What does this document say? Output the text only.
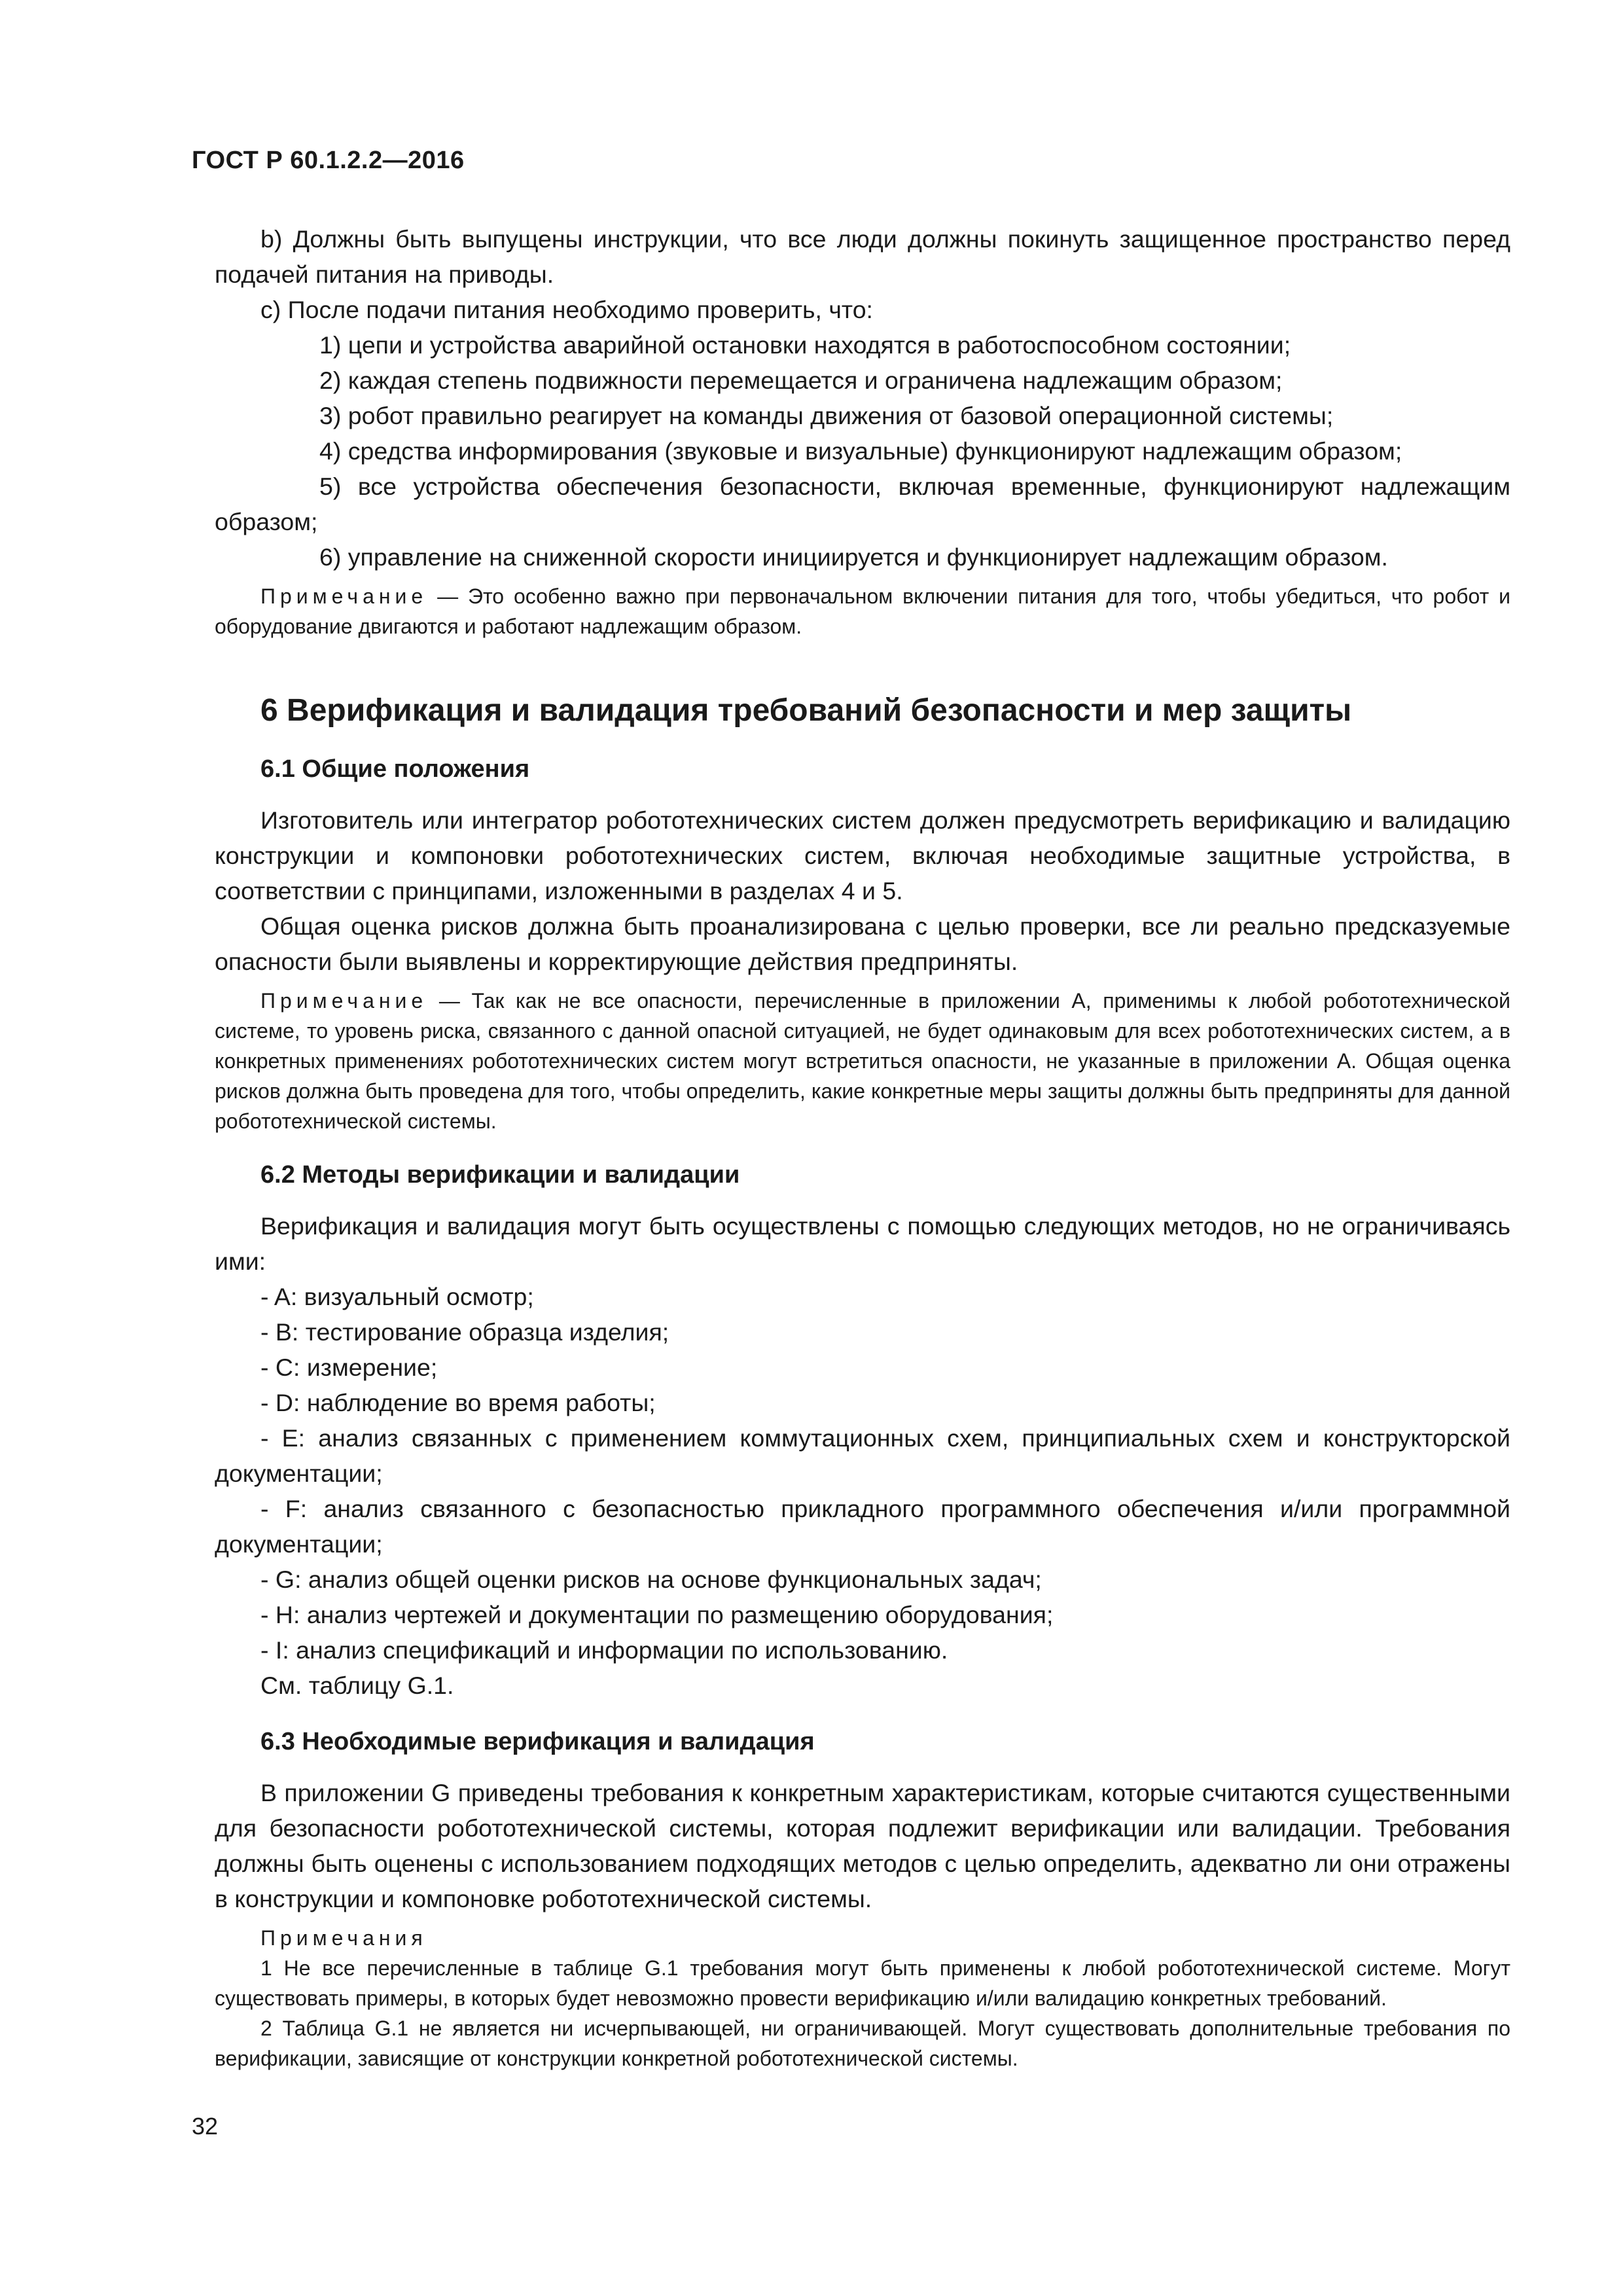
ГОСТ Р 60.1.2.2—2016

b) Должны быть выпущены инструкции, что все люди должны покинуть защищенное пространство перед подачей питания на приводы.

c) После подачи питания необходимо проверить, что:

1) цепи и устройства аварийной остановки находятся в работоспособном состоянии;

2) каждая степень подвижности перемещается и ограничена надлежащим образом;

3) робот правильно реагирует на команды движения от базовой операционной системы;

4) средства информирования (звуковые и визуальные) функционируют надлежащим образом;

5) все устройства обеспечения безопасности, включая временные, функционируют надлежащим образом;

6) управление на сниженной скорости инициируется и функционирует надлежащим образом.

Примечание — Это особенно важно при первоначальном включении питания для того, чтобы убедиться, что робот и оборудование двигаются и работают надлежащим образом.
6 Верификация и валидация требований безопасности и мер защиты
6.1 Общие положения

Изготовитель или интегратор робототехнических систем должен предусмотреть верификацию и валидацию конструкции и компоновки робототехнических систем, включая необходимые защитные устройства, в соответствии с принципами, изложенными в разделах 4 и 5.

Общая оценка рисков должна быть проанализирована с целью проверки, все ли реально предсказуемые опасности были выявлены и корректирующие действия предприняты.

Примечание — Так как не все опасности, перечисленные в приложении А, применимы к любой робототехнической системе, то уровень риска, связанного с данной опасной ситуацией, не будет одинаковым для всех робототехнических систем, а в конкретных применениях робототехнических систем могут встретиться опасности, не указанные в приложении А. Общая оценка рисков должна быть проведена для того, чтобы определить, какие конкретные меры защиты должны быть предприняты для данной робототехнической системы.
6.2 Методы верификации и валидации

Верификация и валидация могут быть осуществлены с помощью следующих методов, но не ограничиваясь ими:

- A: визуальный осмотр;

- B: тестирование образца изделия;

- C: измерение;

- D: наблюдение во время работы;

- E: анализ связанных с применением коммутационных схем, принципиальных схем и конструкторской документации;

- F: анализ связанного с безопасностью прикладного программного обеспечения и/или программной документации;

- G: анализ общей оценки рисков на основе функциональных задач;

- H: анализ чертежей и документации по размещению оборудования;

- I: анализ спецификаций и информации по использованию.

См. таблицу G.1.

6.3 Необходимые верификация и валидация

В приложении G приведены требования к конкретным характеристикам, которые считаются существенными для безопасности робототехнической системы, которая подлежит верификации или валидации. Требования должны быть оценены с использованием подходящих методов с целью определить, адекватно ли они отражены в конструкции и компоновке робототехнической системы.

Примечания
1 Не все перечисленные в таблице G.1 требования могут быть применены к любой робототехнической системе. Могут существовать примеры, в которых будет невозможно провести верификацию и/или валидацию конкретных требований.
2 Таблица G.1 не является ни исчерпывающей, ни ограничивающей. Могут существовать дополнительные требования по верификации, зависящие от конструкции конкретной робототехнической системы.
32
